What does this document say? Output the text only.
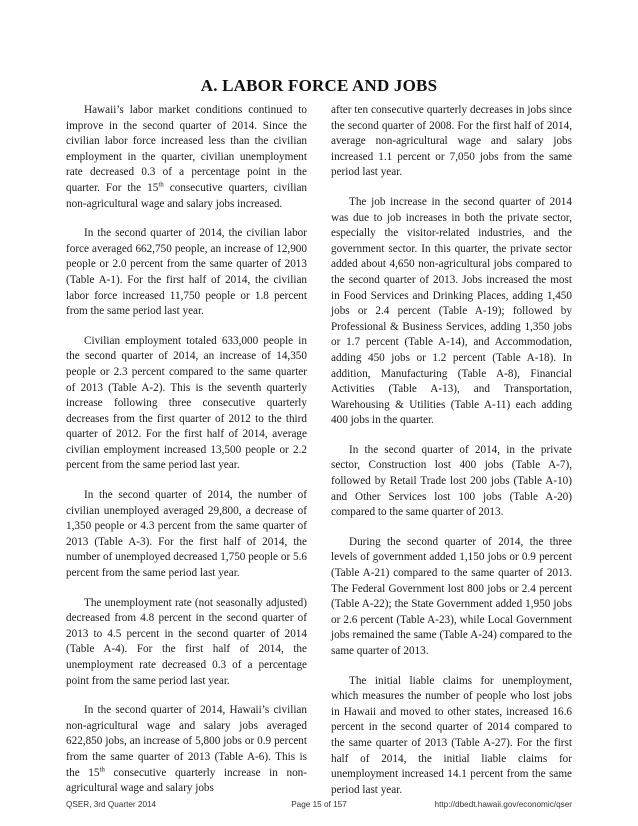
A. LABOR FORCE AND JOBS

Hawaii’s labor market conditions continued to improve in the second quarter of 2014. Since the civilian labor force increased less than the civilian employment in the quarter, civilian unemployment rate decreased 0.3 of a percentage point in the quarter. For the 15th consecutive quarters, civilian non-agricultural wage and salary jobs increased.

In the second quarter of 2014, the civilian labor force averaged 662,750 people, an increase of 12,900 people or 2.0 percent from the same quarter of 2013 (Table A-1). For the first half of 2014, the civilian labor force increased 11,750 people or 1.8 percent from the same period last year.

Civilian employment totaled 633,000 people in the second quarter of 2014, an increase of 14,350 people or 2.3 percent compared to the same quarter of 2013 (Table A-2). This is the seventh quarterly increase following three consecutive quarterly decreases from the first quarter of 2012 to the third quarter of 2012. For the first half of 2014, average civilian employment increased 13,500 people or 2.2 percent from the same period last year.

In the second quarter of 2014, the number of civilian unemployed averaged 29,800, a decrease of 1,350 people or 4.3 percent from the same quarter of 2013 (Table A-3). For the first half of 2014, the number of unemployed decreased 1,750 people or 5.6 percent from the same period last year.

The unemployment rate (not seasonally adjusted) decreased from 4.8 percent in the second quarter of 2013 to 4.5 percent in the second quarter of 2014 (Table A-4). For the first half of 2014, the unemployment rate decreased 0.3 of a percentage point from the same period last year.

In the second quarter of 2014, Hawaii’s civilian non-agricultural wage and salary jobs averaged 622,850 jobs, an increase of 5,800 jobs or 0.9 percent from the same quarter of 2013 (Table A-6). This is the 15th consecutive quarterly increase in non-agricultural wage and salary jobs

after ten consecutive quarterly decreases in jobs since the second quarter of 2008. For the first half of 2014, average non-agricultural wage and salary jobs increased 1.1 percent or 7,050 jobs from the same period last year.

The job increase in the second quarter of 2014 was due to job increases in both the private sector, especially the visitor-related industries, and the government sector. In this quarter, the private sector added about 4,650 non-agricultural jobs compared to the second quarter of 2013. Jobs increased the most in Food Services and Drinking Places, adding 1,450 jobs or 2.4 percent (Table A-19); followed by Professional & Business Services, adding 1,350 jobs or 1.7 percent (Table A-14), and Accommodation, adding 450 jobs or 1.2 percent (Table A-18). In addition, Manufacturing (Table A-8), Financial Activities (Table A-13), and Transportation, Warehousing & Utilities (Table A-11) each adding 400 jobs in the quarter.

In the second quarter of 2014, in the private sector, Construction lost 400 jobs (Table A-7), followed by Retail Trade lost 200 jobs (Table A-10) and Other Services lost 100 jobs (Table A-20) compared to the same quarter of 2013.

During the second quarter of 2014, the three levels of government added 1,150 jobs or 0.9 percent (Table A-21) compared to the same quarter of 2013. The Federal Government lost 800 jobs or 2.4 percent (Table A-22); the State Government added 1,950 jobs or 2.6 percent (Table A-23), while Local Government jobs remained the same (Table A-24) compared to the same quarter of 2013.

The initial liable claims for unemployment, which measures the number of people who lost jobs in Hawaii and moved to other states, increased 16.6 percent in the second quarter of 2014 compared to the same quarter of 2013 (Table A-27). For the first half of 2014, the initial liable claims for unemployment increased 14.1 percent from the same period last year.

QSER, 3rd Quarter 2014	Page 15 of 157	http://dbedt.hawaii.gov/economic/qser
